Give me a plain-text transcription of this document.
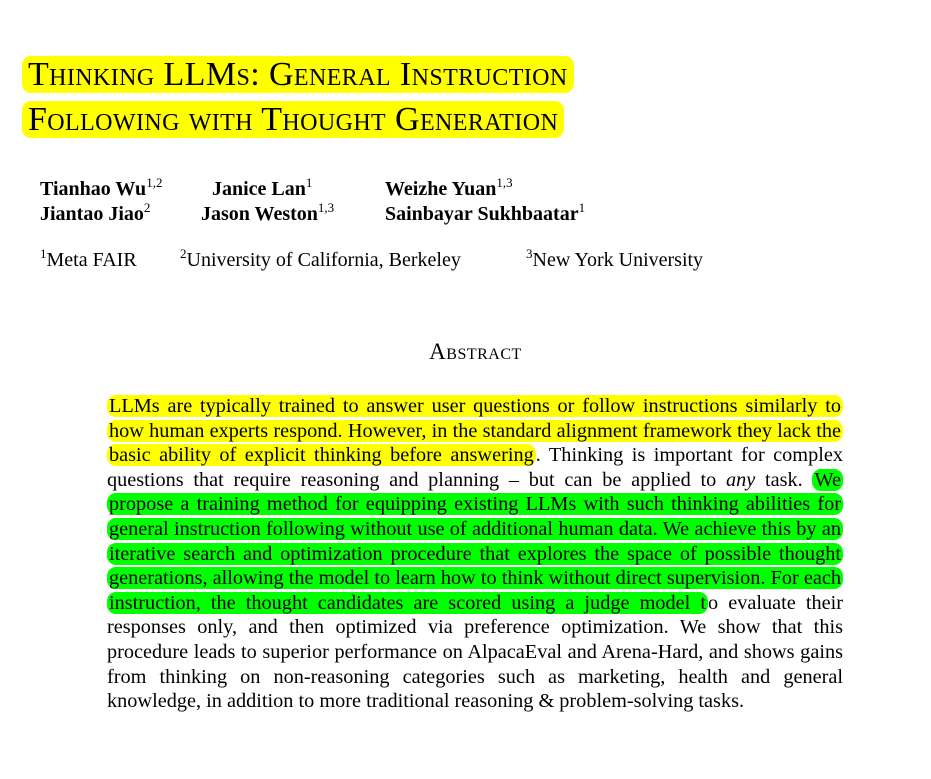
Thinking LLMs: General Instruction
Following with Thought Generation
Tianhao Wu$^{1,2}$ Janice Lan$^1$	Weizhe Yuan$^{1,3}$
Jiantao Jiao$^2$	Jason Weston$^{1,3}$	Sainbayar Sukhbaatar$^1$
$^1$Meta FAIR	$^2$University of California, Berkeley	$^3$New York University
Abstract
LLMs are typically trained to answer user questions or follow instructions similarly to how human experts respond. However, in the standard alignment framework they lack the basic ability of explicit thinking before answering. Thinking is important for complex questions that require reasoning and planning – but can be applied to any task. We propose a training method for equipping existing LLMs with such thinking abilities for general instruction following without use of additional human data. We achieve this by an iterative search and optimization procedure that explores the space of possible thought generations, allowing the model to learn how to think without direct supervision. For each instruction, the thought candidates are scored using a judge model to evaluate their responses only, and then optimized via preference optimization. We show that this procedure leads to superior performance on AlpacaEval and Arena-Hard, and shows gains from thinking on non-reasoning categories such as marketing, health and general knowledge, in addition to more traditional reasoning & problem-solving tasks.
